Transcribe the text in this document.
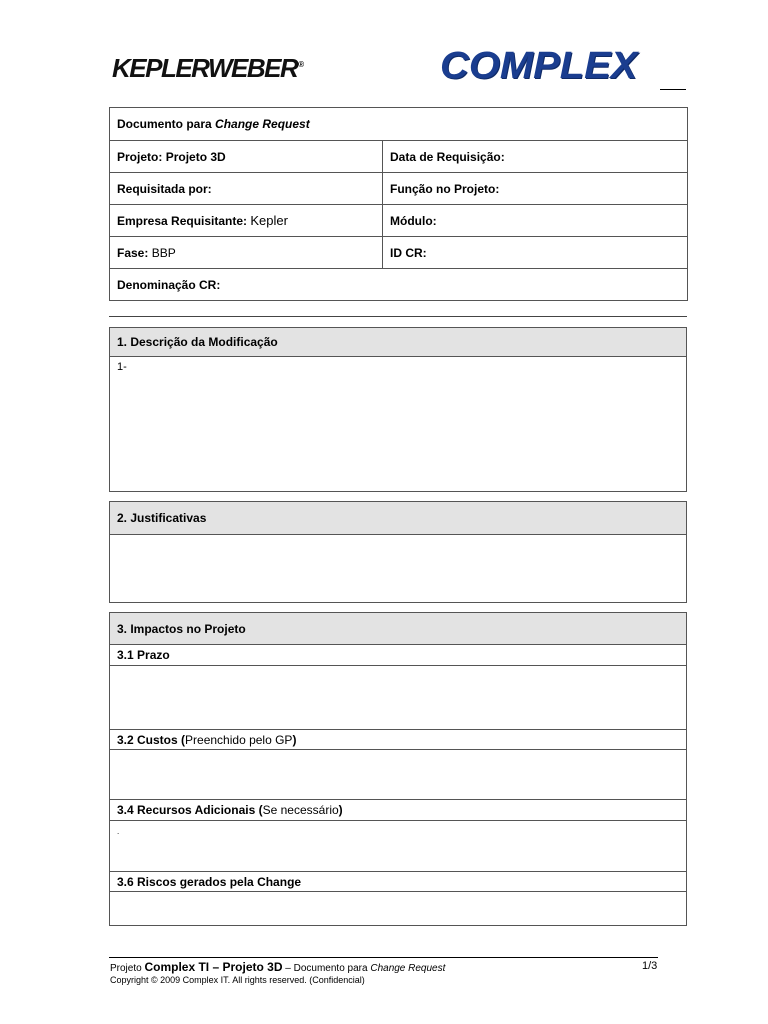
KEPLERWEBER®	COMPLEX
Documento para Change Request	
Projeto: Projeto 3D	Data de Requisição:
Requisitada por:	Função no Projeto:
Empresa Requisitante: Kepler	Módulo:
Fase: BBP	ID CR:
Denominação CR:	
1. Descrição da Modificação
1-
2. Justificativas

3. Impactos no Projeto
3.1 Prazo

3.2 Custos (Preenchido pelo GP)

3.4 Recursos Adicionais (Se necessário)
.
3.6 Riscos gerados pela Change

Projeto Complex TI – Projeto 3D – Documento para Change Request
Copyright © 2009 Complex IT. All rights reserved. (Confidencial)
1/3
